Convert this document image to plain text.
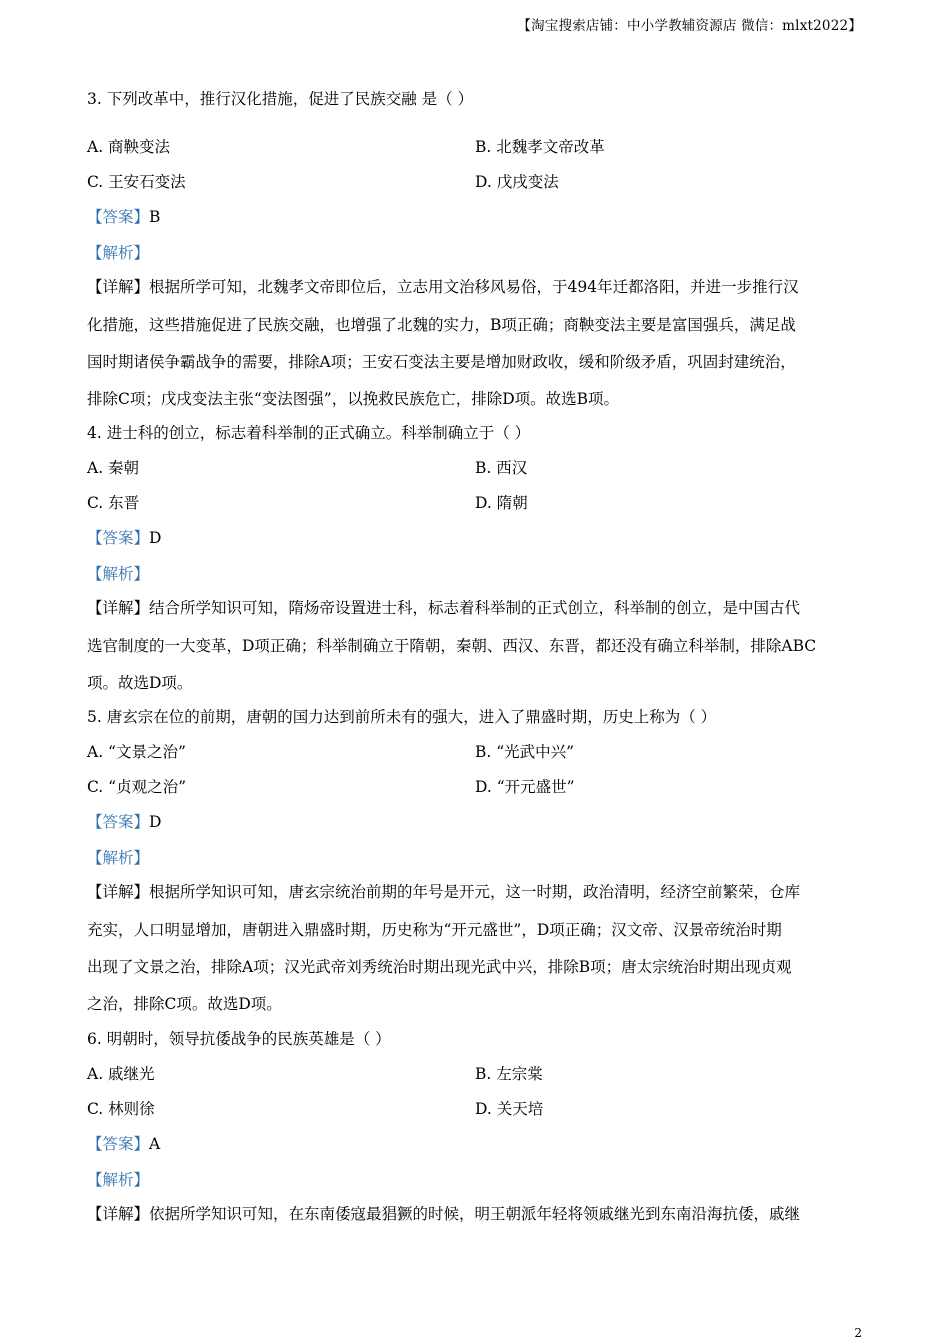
【淘宝搜索店铺：中小学教辅资源店 微信：mlxt2022】
3. 下列改革中，推行汉化措施，促进了民族交融 是（ ）
A. 商鞅变法	B. 北魏孝文帝改革
C. 王安石变法	D. 戊戌变法
【答案】B
【解析】
【详解】根据所学可知，北魏孝文帝即位后，立志用文治移风易俗，于494年迁都洛阳，并进一步推行汉
化措施，这些措施促进了民族交融，也增强了北魏的实力，B项正确；商鞅变法主要是富国强兵，满足战
国时期诸侯争霸战争的需要，排除A项；王安石变法主要是增加财政收，缓和阶级矛盾，巩固封建统治，
排除C项；戊戌变法主张“变法图强”，以挽救民族危亡，排除D项。故选B项。
4. 进士科的创立，标志着科举制的正式确立。科举制确立于（ ）
A. 秦朝	B. 西汉
C. 东晋	D. 隋朝
【答案】D
【解析】
【详解】结合所学知识可知，隋炀帝设置进士科，标志着科举制的正式创立，科举制的创立，是中国古代
选官制度的一大变革，D项正确；科举制确立于隋朝，秦朝、西汉、东晋，都还没有确立科举制，排除ABC
项。故选D项。
5. 唐玄宗在位的前期，唐朝的国力达到前所未有的强大，进入了鼎盛时期，历史上称为（ ）
A. “文景之治”	B. “光武中兴”
C. “贞观之治”	D. “开元盛世”
【答案】D
【解析】
【详解】根据所学知识可知，唐玄宗统治前期的年号是开元，这一时期，政治清明，经济空前繁荣，仓库
充实，人口明显增加，唐朝进入鼎盛时期，历史称为“开元盛世”，D项正确；汉文帝、汉景帝统治时期
出现了文景之治，排除A项；汉光武帝刘秀统治时期出现光武中兴，排除B项；唐太宗统治时期出现贞观
之治，排除C项。故选D项。
6. 明朝时，领导抗倭战争的民族英雄是（ ）
A. 戚继光	B. 左宗棠
C. 林则徐	D. 关天培
【答案】A
【解析】
【详解】依据所学知识可知，在东南倭寇最猖獗的时候，明王朝派年轻将领戚继光到东南沿海抗倭，戚继
2
